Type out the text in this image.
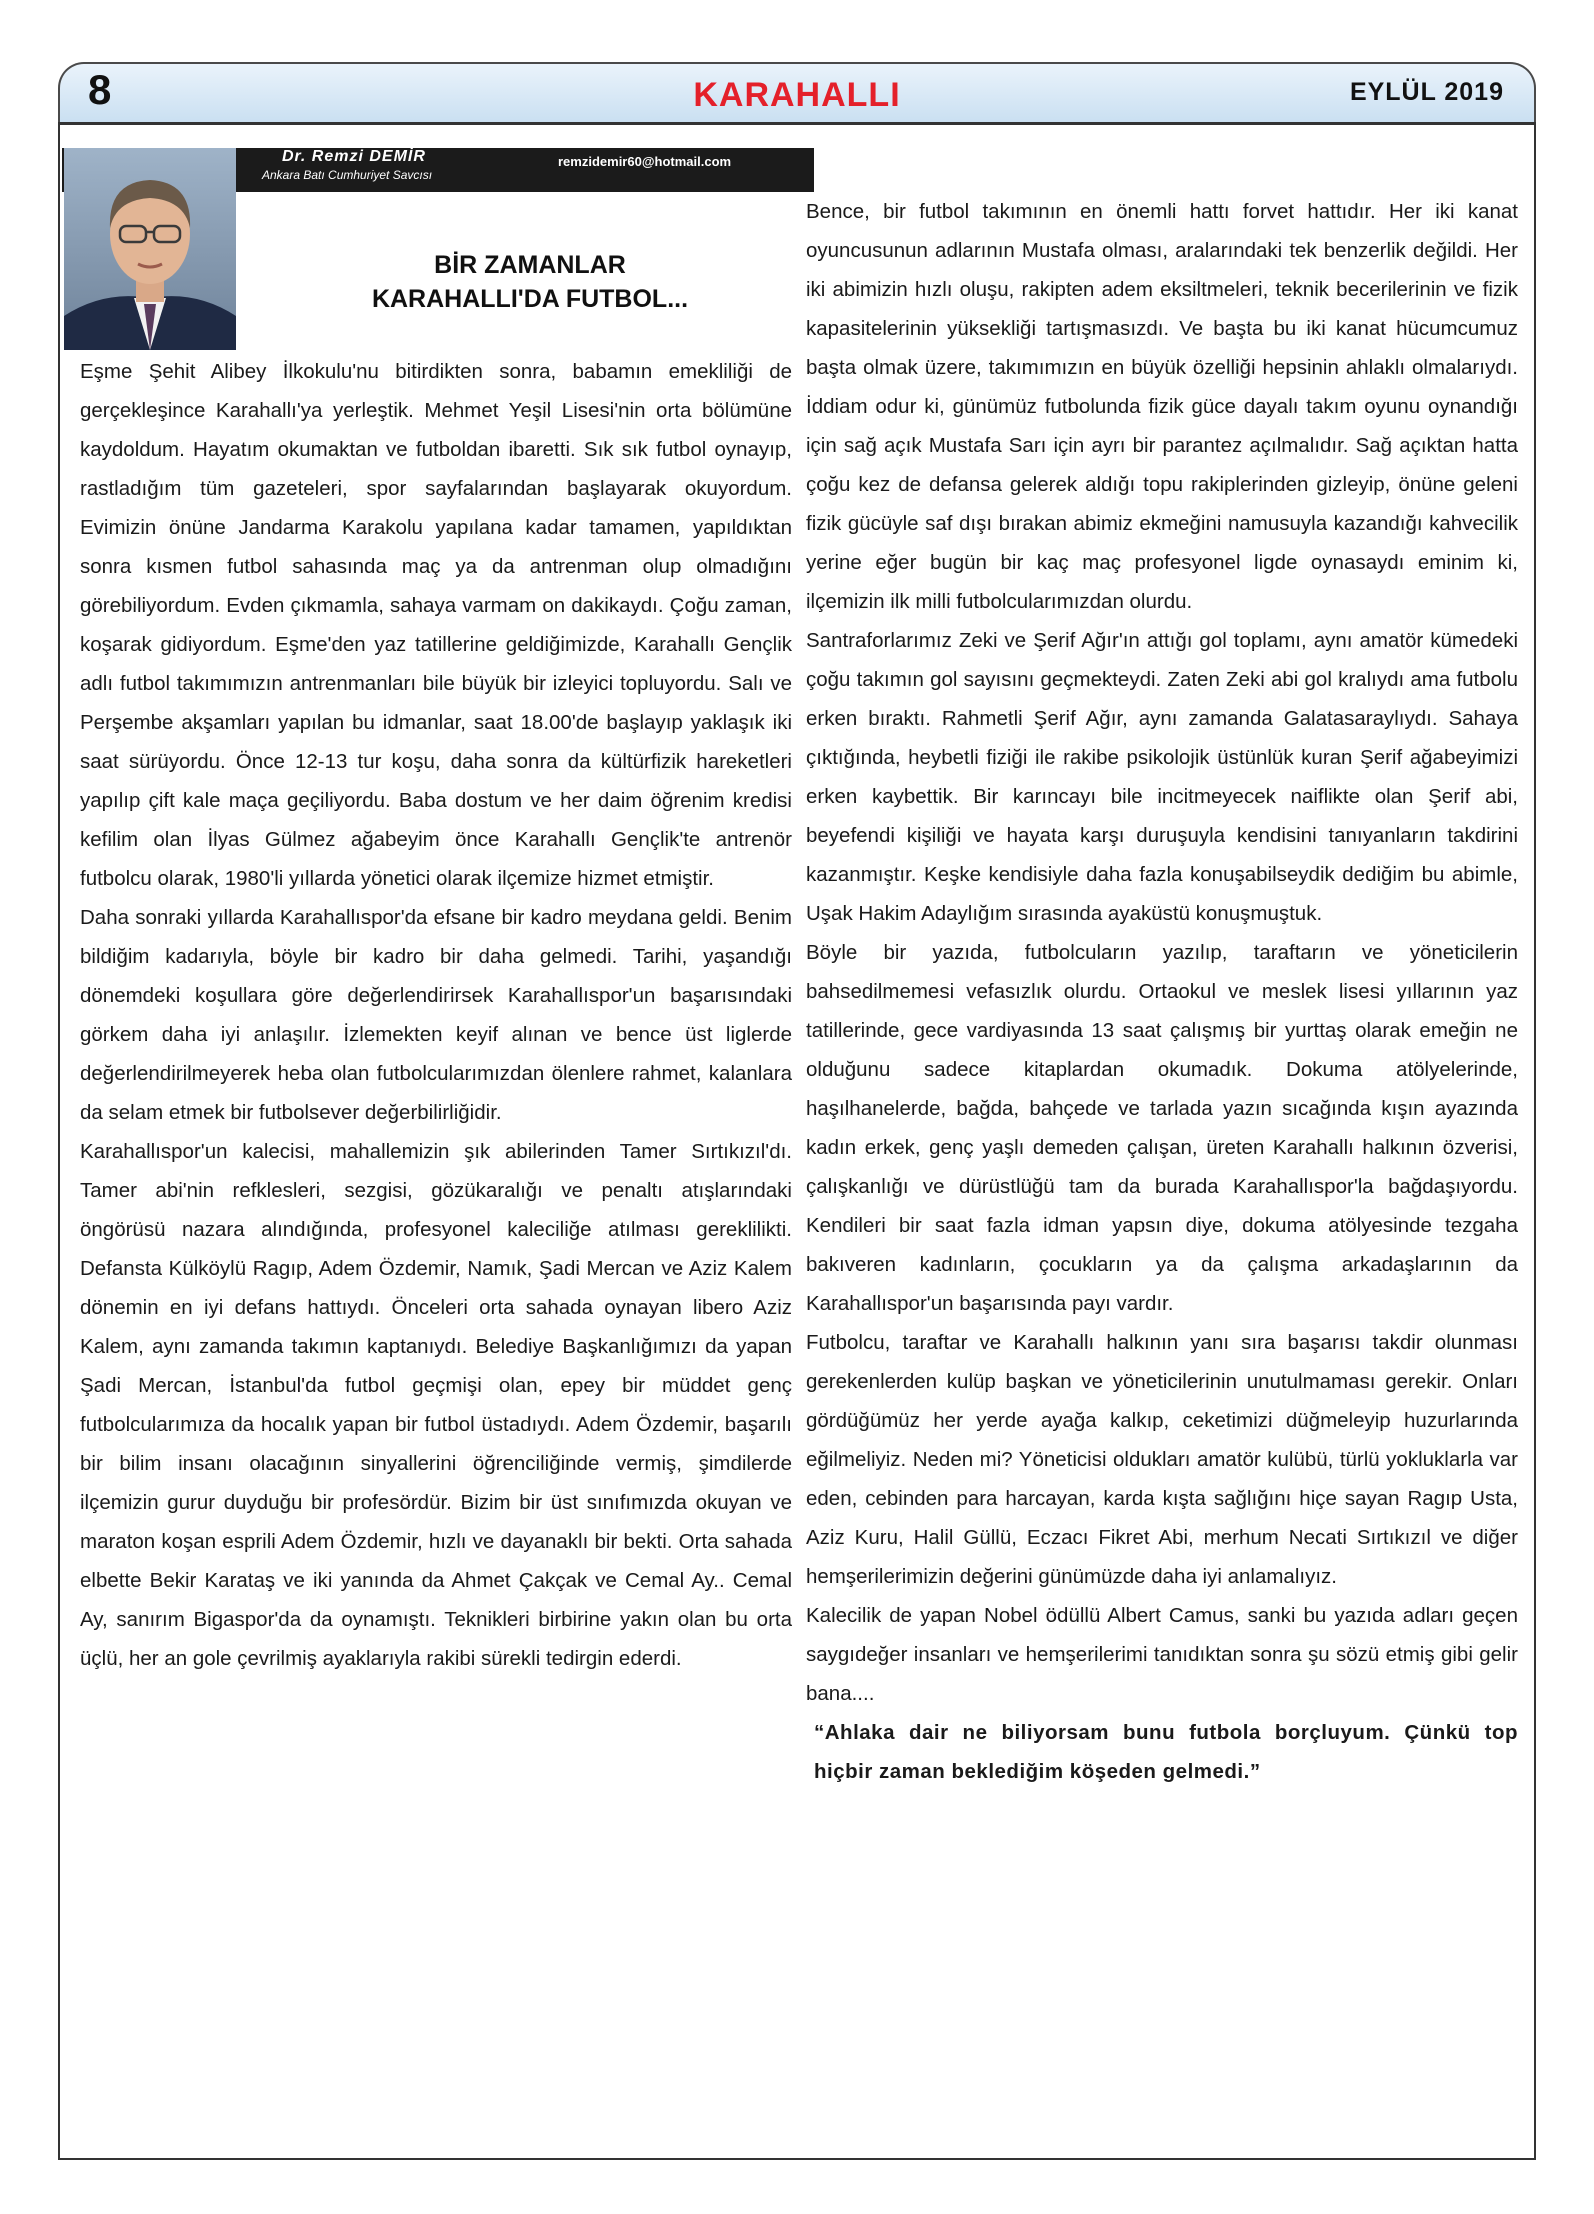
8	KARAHALLI	EYLÜL 2019
Dr. Remzi DEMİR
Ankara Batı Cumhuriyet Savcısı
remzidemir60@hotmail.com
BİR ZAMANLAR
KARAHALLI'DA FUTBOL...

Eşme Şehit Alibey İlkokulu'nu bitirdikten sonra, babamın emekliliği de gerçekleşince Karahallı'ya yerleştik. Mehmet Yeşil Lisesi'nin orta bölümüne kaydoldum. Hayatım okumaktan ve futboldan ibaretti. Sık sık futbol oynayıp, rastladığım tüm gazeteleri, spor sayfalarından başlayarak okuyordum. Evimizin önüne Jandarma Karakolu yapılana kadar tamamen, yapıldıktan sonra kısmen futbol sahasında maç ya da antrenman olup olmadığını görebiliyordum. Evden çıkmamla, sahaya varmam on dakikaydı. Çoğu zaman, koşarak gidiyordum. Eşme'den yaz tatillerine geldiğimizde, Karahallı Gençlik adlı futbol takımımızın antrenmanları bile büyük bir izleyici topluyordu. Salı ve Perşembe akşamları yapılan bu idmanlar, saat 18.00'de başlayıp yaklaşık iki saat sürüyordu. Önce 12-13 tur koşu, daha sonra da kültürfizik hareketleri yapılıp çift kale maça geçiliyordu. Baba dostum ve her daim öğrenim kredisi kefilim olan İlyas Gülmez ağabeyim önce Karahallı Gençlik'te antrenör futbolcu olarak, 1980'li yıllarda yönetici olarak ilçemize hizmet etmiştir.

Daha sonraki yıllarda Karahallıspor'da efsane bir kadro meydana geldi. Benim bildiğim kadarıyla, böyle bir kadro bir daha gelmedi. Tarihi, yaşandığı dönemdeki koşullara göre değerlendirirsek Karahallıspor'un başarısındaki görkem daha iyi anlaşılır. İzlemekten keyif alınan ve bence üst liglerde değerlendirilmeyerek heba olan futbolcularımızdan ölenlere rahmet, kalanlara da selam etmek bir futbolsever değerbilirliğidir.

Karahallıspor'un kalecisi, mahallemizin şık abilerinden Tamer Sırtıkızıl'dı. Tamer abi'nin refklesleri, sezgisi, gözükaralığı ve penaltı atışlarındaki öngörüsü nazara alındığında, profesyonel kaleciliğe atılması gereklilikti. Defansta Külköylü Ragıp, Adem Özdemir, Namık, Şadi Mercan ve Aziz Kalem dönemin en iyi defans hattıydı. Önceleri orta sahada oynayan libero Aziz Kalem, aynı zamanda takımın kaptanıydı. Belediye Başkanlığımızı da yapan Şadi Mercan, İstanbul'da futbol geçmişi olan, epey bir müddet genç futbolcularımıza da hocalık yapan bir futbol üstadıydı. Adem Özdemir, başarılı bir bilim insanı olacağının sinyallerini öğrenciliğinde vermiş, şimdilerde ilçemizin gurur duyduğu bir profesördür. Bizim bir üst sınıfımızda okuyan ve maraton koşan esprili Adem Özdemir, hızlı ve dayanaklı bir bekti. Orta sahada elbette Bekir Karataş ve iki yanında da Ahmet Çakçak ve Cemal Ay.. Cemal Ay, sanırım Bigaspor'da da oynamıştı. Teknikleri birbirine yakın olan bu orta üçlü, her an gole çevrilmiş ayaklarıyla rakibi sürekli tedirgin ederdi.

Bence, bir futbol takımının en önemli hattı forvet hattıdır. Her iki kanat oyuncusunun adlarının Mustafa olması, aralarındaki tek benzerlik değildi. Her iki abimizin hızlı oluşu, rakipten adem eksiltmeleri, teknik becerilerinin ve fizik kapasitelerinin yüksekliği tartışmasızdı. Ve başta bu iki kanat hücumcumuz başta olmak üzere, takımımızın en büyük özelliği hepsinin ahlaklı olmalarıydı. İddiam odur ki, günümüz futbolunda fizik güce dayalı takım oyunu oynandığı için sağ açık Mustafa Sarı için ayrı bir parantez açılmalıdır. Sağ açıktan hatta çoğu kez de defansa gelerek aldığı topu rakiplerinden gizleyip, önüne geleni fizik gücüyle saf dışı bırakan abimiz ekmeğini namusuyla kazandığı kahvecilik yerine eğer bugün bir kaç maç profesyonel ligde oynasaydı eminim ki, ilçemizin ilk milli futbolcularımızdan olurdu.

Santraforlarımız Zeki ve Şerif Ağır'ın attığı gol toplamı, aynı amatör kümedeki çoğu takımın gol sayısını geçmekteydi. Zaten Zeki abi gol kralıydı ama futbolu erken bıraktı. Rahmetli Şerif Ağır, aynı zamanda Galatasaraylıydı. Sahaya çıktığında, heybetli fiziği ile rakibe psikolojik üstünlük kuran Şerif ağabeyimizi erken kaybettik. Bir karıncayı bile incitmeyecek naiflikte olan Şerif abi, beyefendi kişiliği ve hayata karşı duruşuyla kendisini tanıyanların takdirini kazanmıştır. Keşke kendisiyle daha fazla konuşabilseydik dediğim bu abimle, Uşak Hakim Adaylığım sırasında ayaküstü konuşmuştuk.

Böyle bir yazıda, futbolcuların yazılıp, taraftarın ve yöneticilerin bahsedilmemesi vefasızlık olurdu. Ortaokul ve meslek lisesi yıllarının yaz tatillerinde, gece vardiyasında 13 saat çalışmış bir yurttaş olarak emeğin ne olduğunu sadece kitaplardan okumadık. Dokuma atölyelerinde, haşılhanelerde, bağda, bahçede ve tarlada yazın sıcağında kışın ayazında kadın erkek, genç yaşlı demeden çalışan, üreten Karahallı halkının özverisi, çalışkanlığı ve dürüstlüğü tam da burada Karahallıspor'la bağdaşıyordu. Kendileri bir saat fazla idman yapsın diye, dokuma atölyesinde tezgaha bakıveren kadınların, çocukların ya da çalışma arkadaşlarının da Karahallıspor'un başarısında payı vardır.

Futbolcu, taraftar ve Karahallı halkının yanı sıra başarısı takdir olunması gerekenlerden kulüp başkan ve yöneticilerinin unutulmaması gerekir. Onları gördüğümüz her yerde ayağa kalkıp, ceketimizi düğmeleyip huzurlarında eğilmeliyiz. Neden mi? Yöneticisi oldukları amatör kulübü, türlü yokluklarla var eden, cebinden para harcayan, karda kışta sağlığını hiçe sayan Ragıp Usta, Aziz Kuru, Halil Güllü, Eczacı Fikret Abi, merhum Necati Sırtıkızıl ve diğer hemşerilerimizin değerini günümüzde daha iyi anlamalıyız.

Kalecilik de yapan Nobel ödüllü Albert Camus, sanki bu yazıda adları geçen saygıdeğer insanları ve hemşerilerimi tanıdıktan sonra şu sözü etmiş gibi gelir bana....

“Ahlaka dair ne biliyorsam bunu futbola borçluyum. Çünkü top hiçbir zaman beklediğim köşeden gelmedi.”
